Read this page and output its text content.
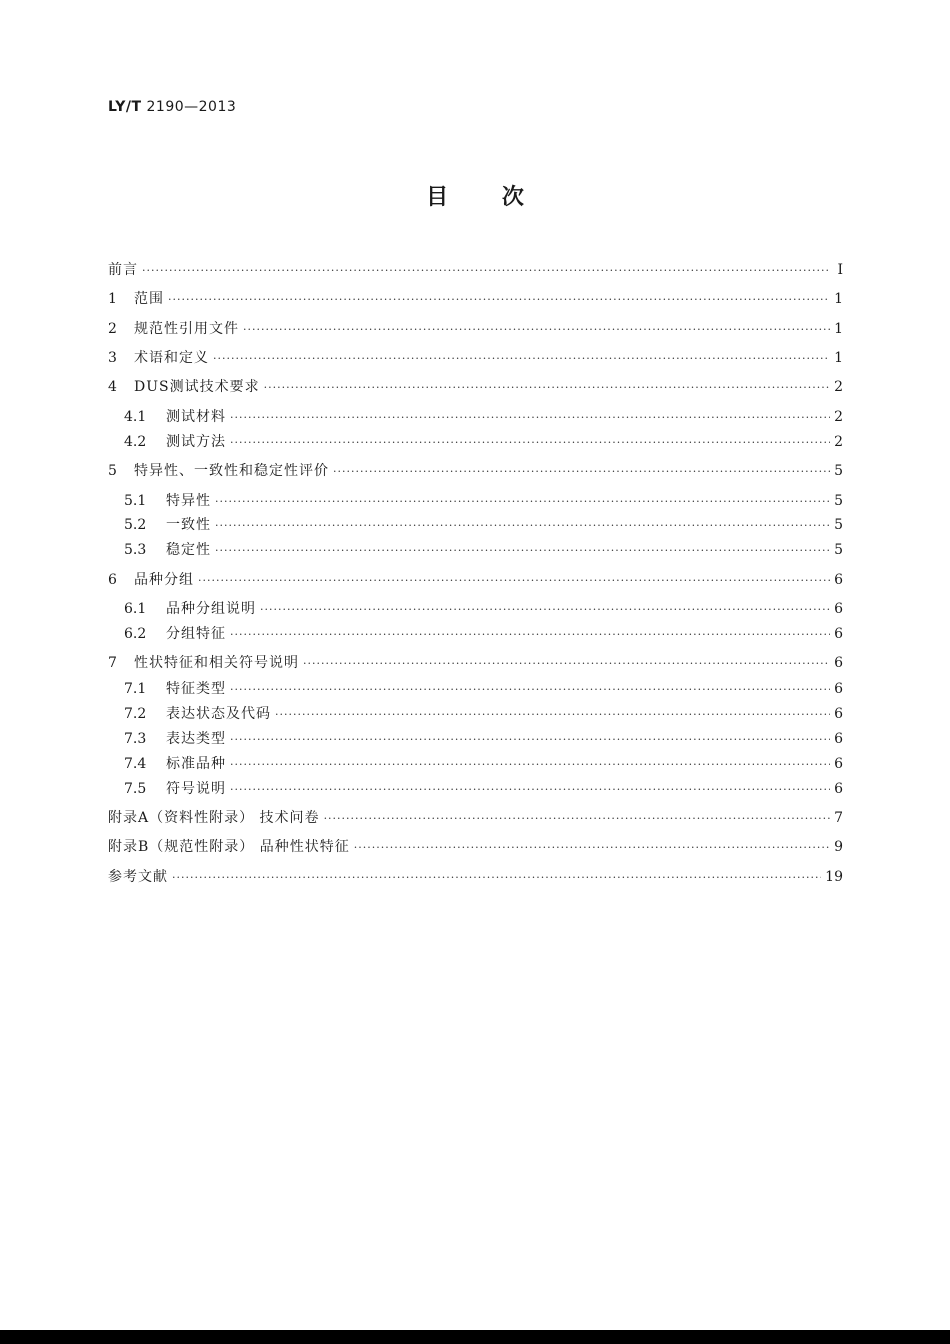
LY/T 2190—2013
目 次
前言 ·····	Ⅰ
1	范围 ·····	1
2	规范性引用文件 ·····	1
3	术语和定义 ·····	1
4	DUS测试技术要求 ·····	2
4.1	测试材料 ·····	2
4.2	测试方法 ·····	2
5	特异性、一致性和稳定性评价 ·····	5
5.1	特异性 ·····	5
5.2	一致性 ·····	5
5.3	稳定性 ·····	5
6	品种分组 ·····	6
6.1	品种分组说明 ·····	6
6.2	分组特征 ·····	6
7	性状特征和相关符号说明 ·····	6
7.1	特征类型 ·····	6
7.2	表达状态及代码 ·····	6
7.3	表达类型 ·····	6
7.4	标准品种 ·····	6
7.5	符号说明 ·····	6
附录A（资料性附录） 技术问卷 ·····	7
附录B（规范性附录） 品种性状特征 ·····	9
参考文献 ·····	19
